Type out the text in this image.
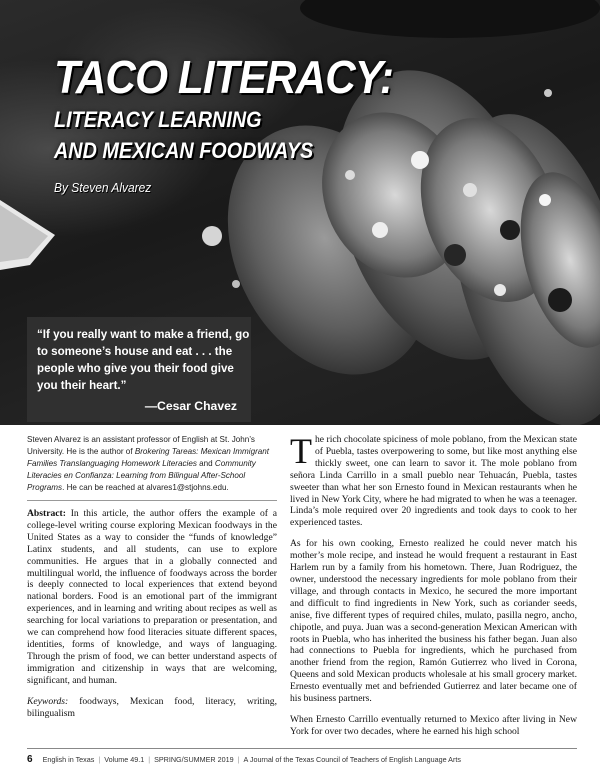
TACO LITERACY:
LITERACY LEARNING
AND MEXICAN FOODWAYS
By Steven Alvarez
“If you really want to make a friend, go to someone’s house and eat . . . the people who give you their food give you their heart.”
—Cesar Chavez
Steven Alvarez is an assistant professor of English at St. John’s University. He is the author of Brokering Tareas: Mexican Immigrant Families Translanguaging Homework Literacies and Community Literacies en Confianza: Learning from Bilingual After-School Programs. He can be reached at alvares1@stjohns.edu.

Abstract: In this article, the author offers the example of a college-level writing course exploring Mexican foodways in the United States as a way to consider the “funds of knowledge” Latinx students, and all students, can use to explore communities. He argues that in a globally connected and multilingual world, the influence of foodways across the border is deeply connected to local experiences that extend beyond national borders. Food is an emotional part of the immigrant experiences, and in learning and writing about recipes as well as searching for local variations to preparation or presentation, and we can comprehend how food literacies situate different spaces, identities, forms of knowledge, and ways of languaging. Through the prism of food, we can better understand aspects of immigration and citizenship in ways that are welcoming, significant, and human.

Keywords: foodways, Mexican food, literacy, writing, bilingualism

The rich chocolate spiciness of mole poblano, from the Mexican state of Puebla, tastes overpowering to some, but like most anything else thickly sweet, one can learn to savor it. The mole poblano from señora Linda Carrillo in a small pueblo near Tehuacán, Puebla, tastes sweeter than what her son Ernesto found in Mexican restaurants when he lived in New York City, where he had migrated to when he was a teenager. Linda’s mole required over 20 ingredients and took days to cook to her experienced tastes.

As for his own cooking, Ernesto realized he could never match his mother’s mole recipe, and instead he would frequent a restaurant in East Harlem run by a family from his hometown. There, Juan Rodriguez, the owner, understood the necessary ingredients for mole poblano from their village, and through contacts in Mexico, he secured the more important and difficult to find ingredients in New York, such as coriander seeds, anise, five different types of required chiles, mulato, pasilla negro, ancho, chipotle, and puya. Juan was a second-generation Mexican American with roots in Puebla, who has inherited the business his father began. Juan also had connections to Puebla for ingredients, which he purchased from another friend from the region, Ramón Gutierrez who lived in Corona, Queens and sold Mexican products wholesale at his small grocery market. Ernesto eventually met and befriended Gutierrez and later became one of his business partners.

When Ernesto Carrillo eventually returned to Mexico after living in New York for over two decades, where he earned his high school

6 English in Texas | Volume 49.1 | SPRING/SUMMER 2019 | A Journal of the Texas Council of Teachers of English Language Arts
